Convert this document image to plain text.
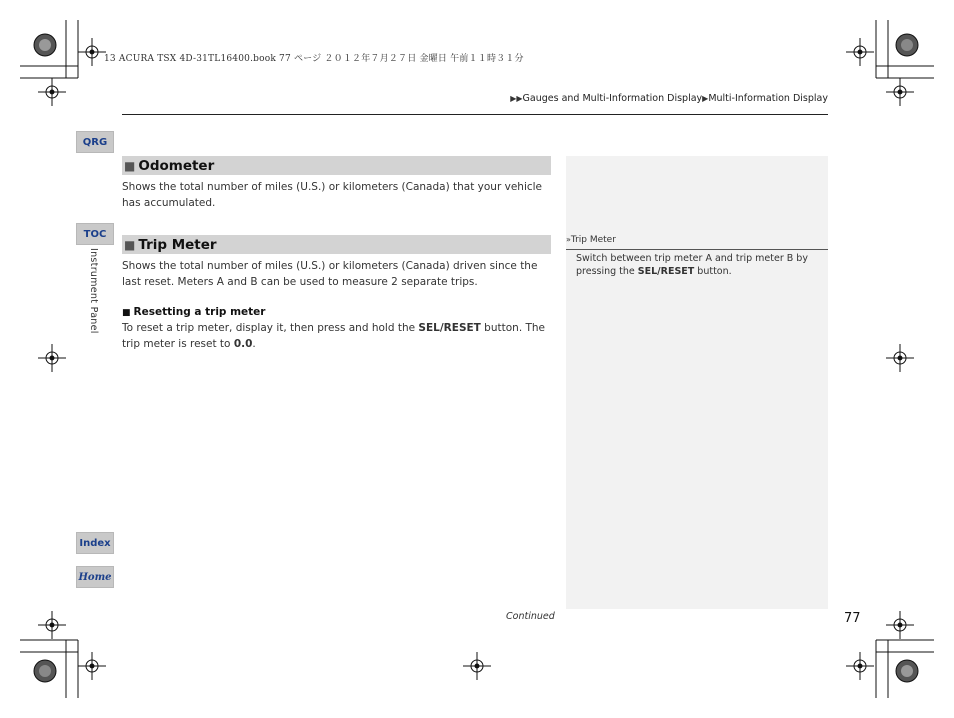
13 ACURA TSX 4D-31TL16400.book 77 ページ ２０１２年７月２７日 金曜日 午前１１時３１分
▶▶Gauges and Multi-Information Display▶Multi-Information Display
QRG
TOC
Index
Home
Instrument Panel
■ Odometer
Shows the total number of miles (U.S.) or kilometers (Canada) that your vehicle has accumulated.
■ Trip Meter
Shows the total number of miles (U.S.) or kilometers (Canada) driven since the last reset. Meters A and B can be used to measure 2 separate trips.
■ Resetting a trip meter
To reset a trip meter, display it, then press and hold the SEL/RESET button. The trip meter is reset to 0.0.
»Trip Meter
Switch between trip meter A and trip meter B by pressing the SEL/RESET button.
Continued	77
